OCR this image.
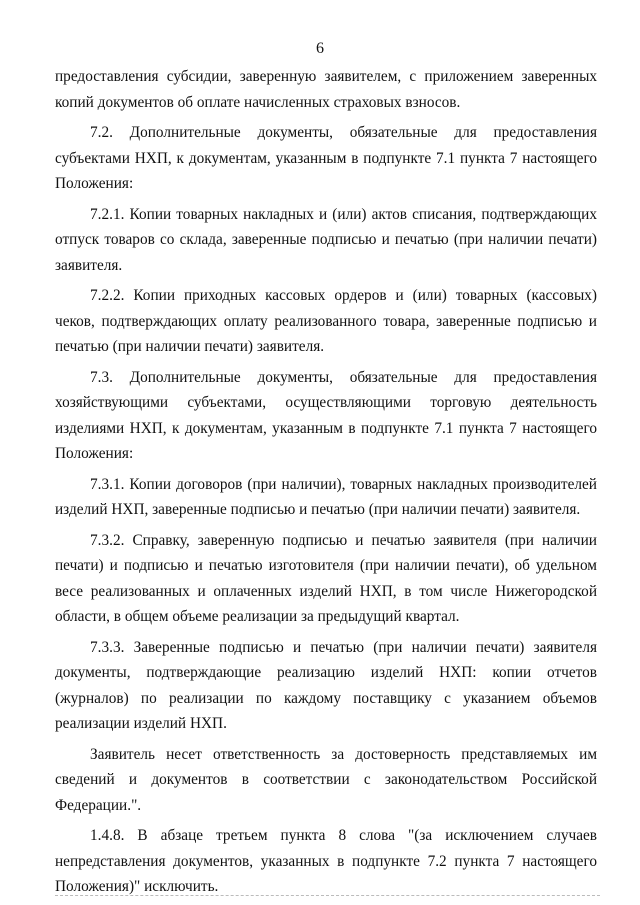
6

предоставления субсидии, заверенную заявителем, с приложением заверенных копий документов об оплате начисленных страховых взносов.

7.2. Дополнительные документы, обязательные для предоставления субъектами НХП, к документам, указанным в подпункте 7.1 пункта 7 настоящего Положения:

7.2.1. Копии товарных накладных и (или) актов списания, подтверждающих отпуск товаров со склада, заверенные подписью и печатью (при наличии печати) заявителя.

7.2.2. Копии приходных кассовых ордеров и (или) товарных (кассовых) чеков, подтверждающих оплату реализованного товара, заверенные подписью и печатью (при наличии печати) заявителя.

7.3. Дополнительные документы, обязательные для предоставления хозяйствующими субъектами, осуществляющими торговую деятельность изделиями НХП, к документам, указанным в подпункте 7.1 пункта 7 настоящего Положения:

7.3.1. Копии договоров (при наличии), товарных накладных производителей изделий НХП, заверенные подписью и печатью (при наличии печати) заявителя.

7.3.2. Справку, заверенную подписью и печатью заявителя (при наличии печати) и подписью и печатью изготовителя (при наличии печати), об удельном весе реализованных и оплаченных изделий НХП, в том числе Нижегородской области, в общем объеме реализации за предыдущий квартал.

7.3.3. Заверенные подписью и печатью (при наличии печати) заявителя документы, подтверждающие реализацию изделий НХП: копии отчетов (журналов) по реализации по каждому поставщику с указанием объемов реализации изделий НХП.

Заявитель несет ответственность за достоверность представляемых им сведений и документов в соответствии с законодательством Российской Федерации.".

1.4.8. В абзаце третьем пункта 8 слова "(за исключением случаев непредставления документов, указанных в подпункте 7.2 пункта 7 настоящего Положения)" исключить.
